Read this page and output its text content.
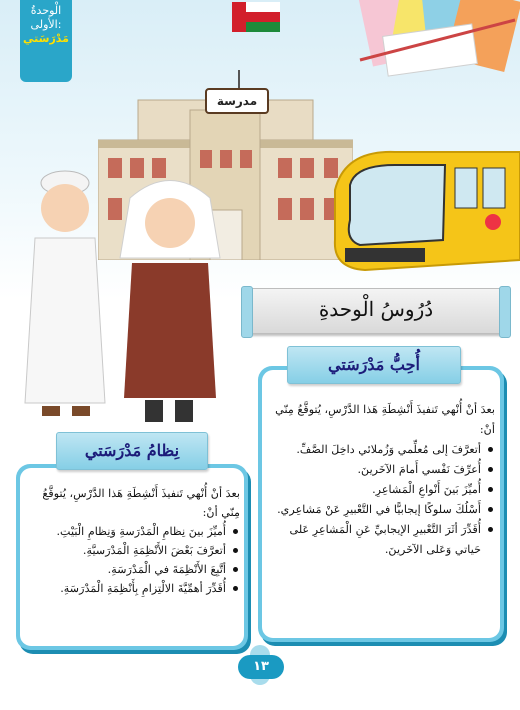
الْوحدةُ
الأولى:
مَدْرَسَتي
مدرسة
دُرُوسُ الْوحدةِ
أُحِبُّ مَدْرَسَتي
بعدَ أنْ أُنْهي تَنفيذَ أَنْشِطَةِ هَذا الدَّرْسِ، يُتوقَّعُ مِنّي أنْ:
أتعرَّفَ إلى مُعلِّمي وَزُملائي داخِلَ الصَّفِّ.
أُعرِّفَ نَفْسي أَمامَ الآخَرينَ.
أُميِّزَ بَينَ أَنْواعِ الْمَشاعِرِ.
أَسْلُكَ سلوكًا إيجابيًّا في التَّعْبيرِ عَنْ مَشاعِري.
أُقَدِّرَ أثَرَ التَّعْبيرِ الإيجابيِّ عَنِ الْمَشاعِرِ عَلى حَياتي وَعَلى الآخَرينَ.
نِظامُ مَدْرَسَتي
بعدَ أنْ أُنْهي تَنفيذَ أَنْشِطَةِ هَذا الدَّرْسِ، يُتوقَّعُ مِنّي أنْ:
أُميِّزَ بينَ نِظامِ الْمَدْرَسةِ وَنِظامِ الْبَيْتِ.
أتعرَّفَ بَعْضَ الأَنْظِمَةِ الْمَدْرَسيَّةِ.
أتَّبِعَ الأَنْظِمَةَ في الْمَدْرَسَةِ.
أُقَدِّرَ أهمِّيَّةَ الالْتِزامِ بِأَنْظِمَةِ الْمَدْرَسَةِ.
١٣
